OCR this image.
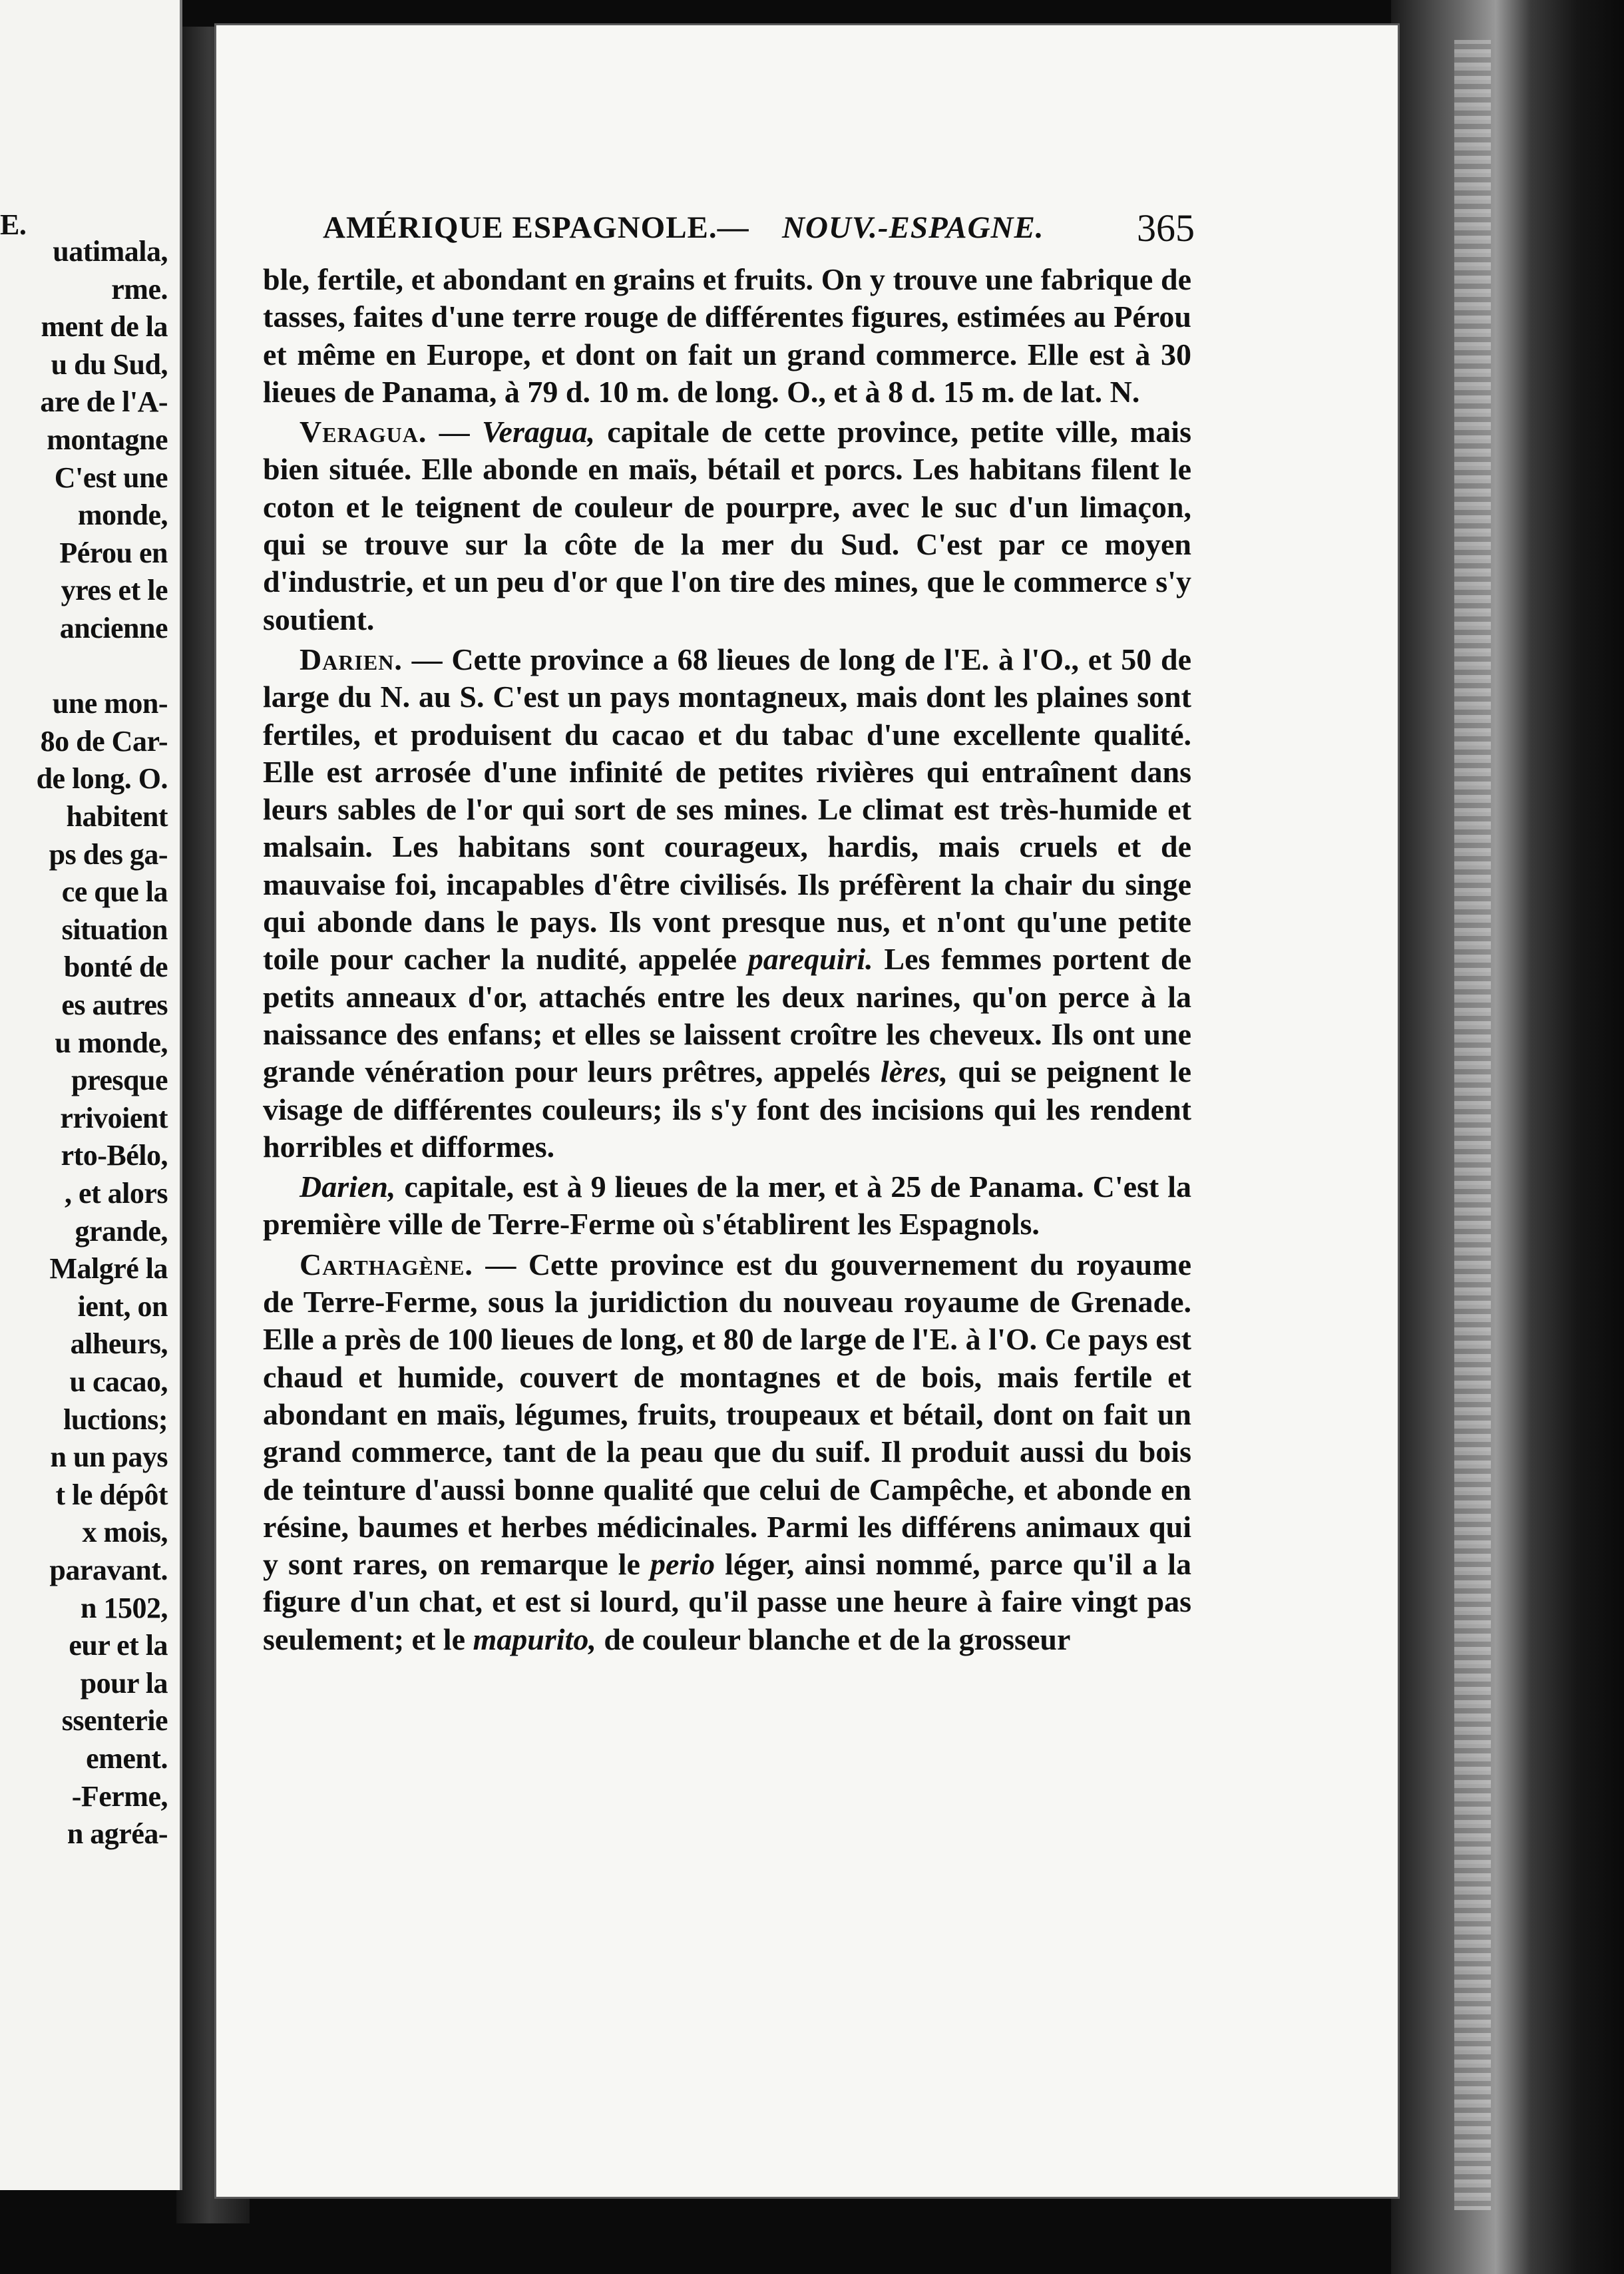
E.
uatimala,
rme.
ment de la
u du Sud,
are de l'A-
montagne
C'est une
monde,
Pérou en
yres et le
ancienne
une mon-
8o de Car-
de long. O.
habitent
ps des ga-
ce que la
situation
bonté de
es autres
u monde,
presque
rrivoient
rto-Bélo,
, et alors
grande,
Malgré la
ient, on
alheurs,
u cacao,
luctions;
n un pays
t le dépôt
x mois,
paravant.
n 1502,
eur et la
pour la
ssenterie
ement.
-Ferme,
n agréa-
AMÉRIQUE ESPAGNOLE.— NOUV.-ESPAGNE. 365

ble, fertile, et abondant en grains et fruits. On y trouve une fabrique de tasses, faites d'une terre rouge de différentes figures, estimées au Pérou et même en Europe, et dont on fait un grand commerce. Elle est à 30 lieues de Panama, à 79 d. 10 m. de long. O., et à 8 d. 15 m. de lat. N.

Veragua. — Veragua, capitale de cette province, petite ville, mais bien située. Elle abonde en maïs, bétail et porcs. Les habitans filent le coton et le teignent de couleur de pourpre, avec le suc d'un limaçon, qui se trouve sur la côte de la mer du Sud. C'est par ce moyen d'industrie, et un peu d'or que l'on tire des mines, que le commerce s'y soutient.

Darien. — Cette province a 68 lieues de long de l'E. à l'O., et 50 de large du N. au S. C'est un pays montagneux, mais dont les plaines sont fertiles, et produisent du cacao et du tabac d'une excellente qualité. Elle est arrosée d'une infinité de petites rivières qui entraînent dans leurs sables de l'or qui sort de ses mines. Le climat est très-humide et malsain. Les habitans sont courageux, hardis, mais cruels et de mauvaise foi, incapables d'être civilisés. Ils préfèrent la chair du singe qui abonde dans le pays. Ils vont presque nus, et n'ont qu'une petite toile pour cacher la nudité, appelée parequiri. Les femmes portent de petits anneaux d'or, attachés entre les deux narines, qu'on perce à la naissance des enfans; et elles se laissent croître les cheveux. Ils ont une grande vénération pour leurs prêtres, appelés lères, qui se peignent le visage de différentes couleurs; ils s'y font des incisions qui les rendent horribles et difformes.

Darien, capitale, est à 9 lieues de la mer, et à 25 de Panama. C'est la première ville de Terre-Ferme où s'établirent les Espagnols.

Carthagène. — Cette province est du gouvernement du royaume de Terre-Ferme, sous la juridiction du nouveau royaume de Grenade. Elle a près de 100 lieues de long, et 80 de large de l'E. à l'O. Ce pays est chaud et humide, couvert de montagnes et de bois, mais fertile et abondant en maïs, légumes, fruits, troupeaux et bétail, dont on fait un grand commerce, tant de la peau que du suif. Il produit aussi du bois de teinture d'aussi bonne qualité que celui de Campêche, et abonde en résine, baumes et herbes médicinales. Parmi les différens animaux qui y sont rares, on remarque le perio léger, ainsi nommé, parce qu'il a la figure d'un chat, et est si lourd, qu'il passe une heure à faire vingt pas seulement; et le mapurito, de couleur blanche et de la grosseur
